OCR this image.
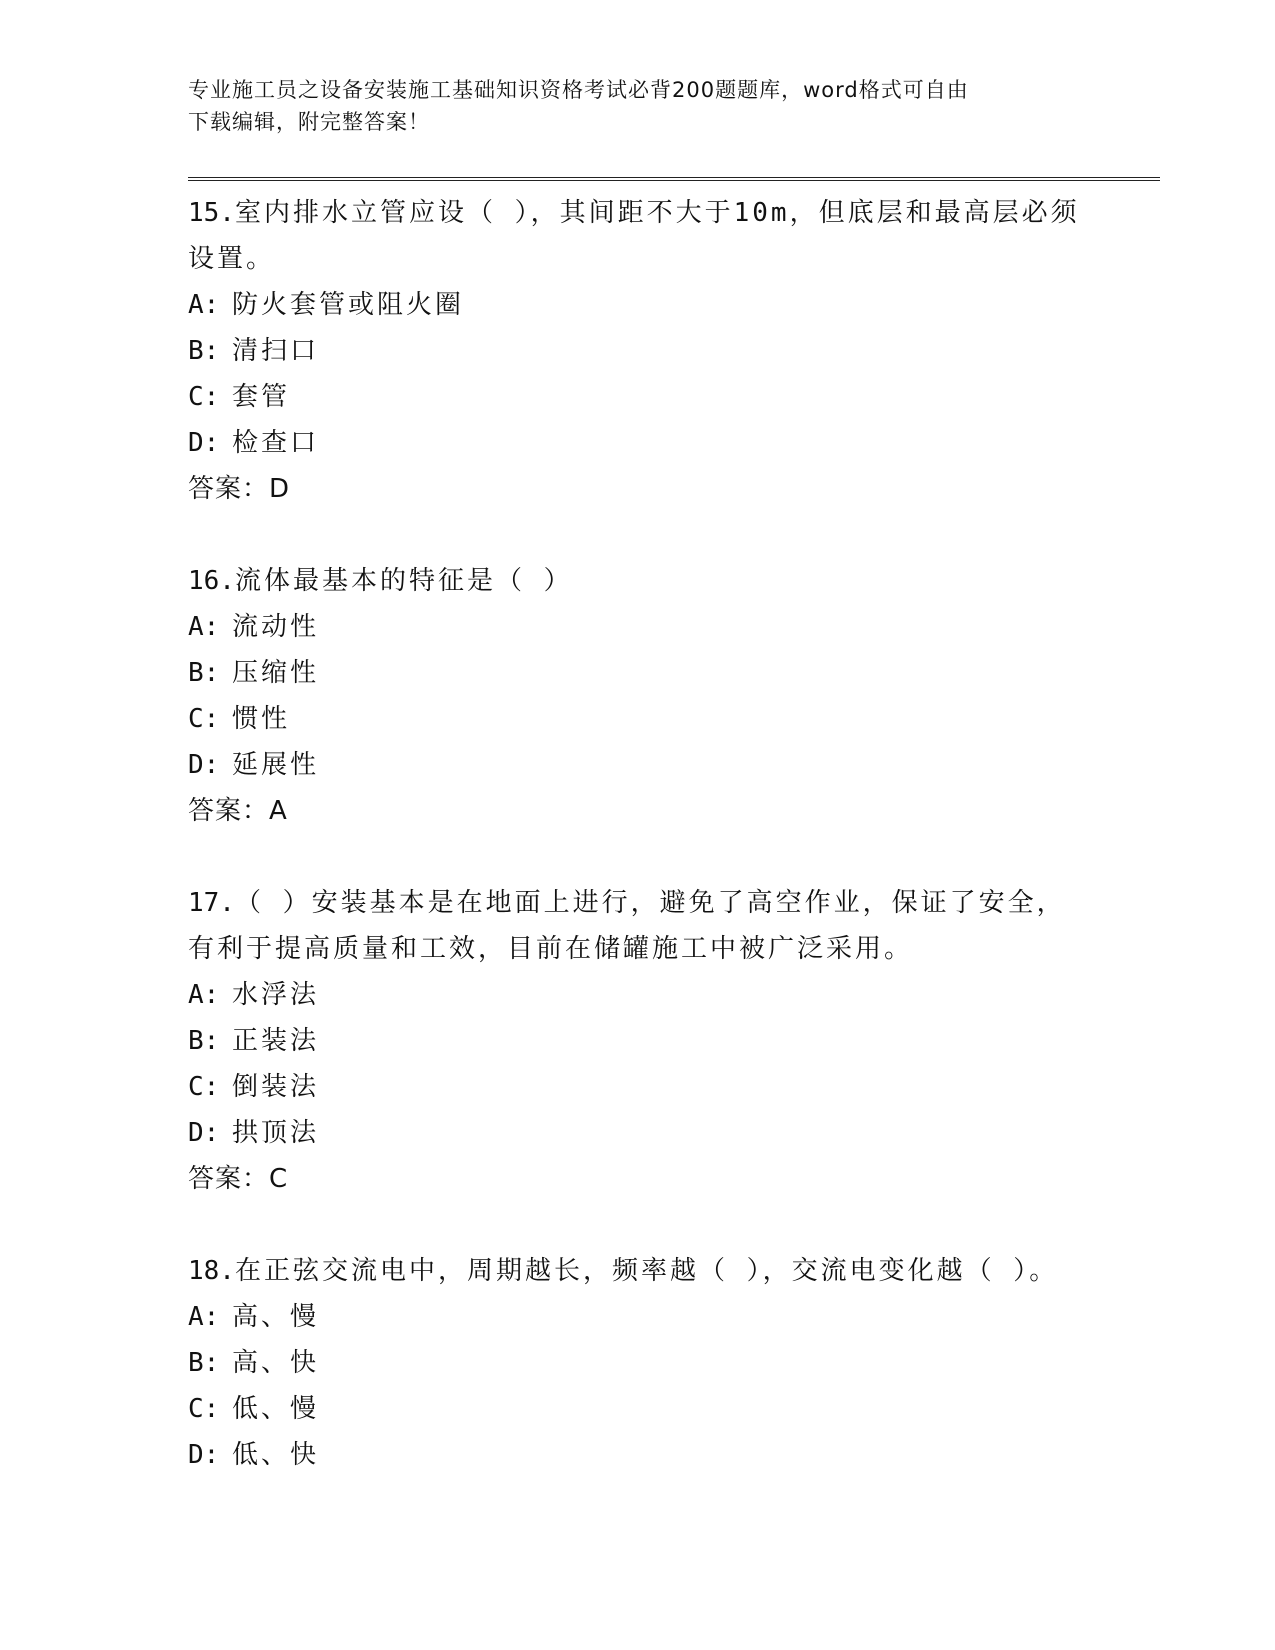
专业施工员之设备安装施工基础知识资格考试必背200题题库，word格式可自由
下载编辑，附完整答案！
15.室内排水立管应设（ ），其间距不大于10m，但底层和最高层必须
设置。
A: 防火套管或阻火圈
B: 清扫口
C: 套管
D: 检查口
答案：D
16.流体最基本的特征是（ ）
A: 流动性
B: 压缩性
C: 惯性
D: 延展性
答案：A
17.（ ）安装基本是在地面上进行，避免了高空作业，保证了安全，
有利于提高质量和工效，目前在储罐施工中被广泛采用。
A: 水浮法
B: 正装法
C: 倒装法
D: 拱顶法
答案：C
18.在正弦交流电中，周期越长，频率越（ ），交流电变化越（ ）。
A: 高、慢
B: 高、快
C: 低、慢
D: 低、快
